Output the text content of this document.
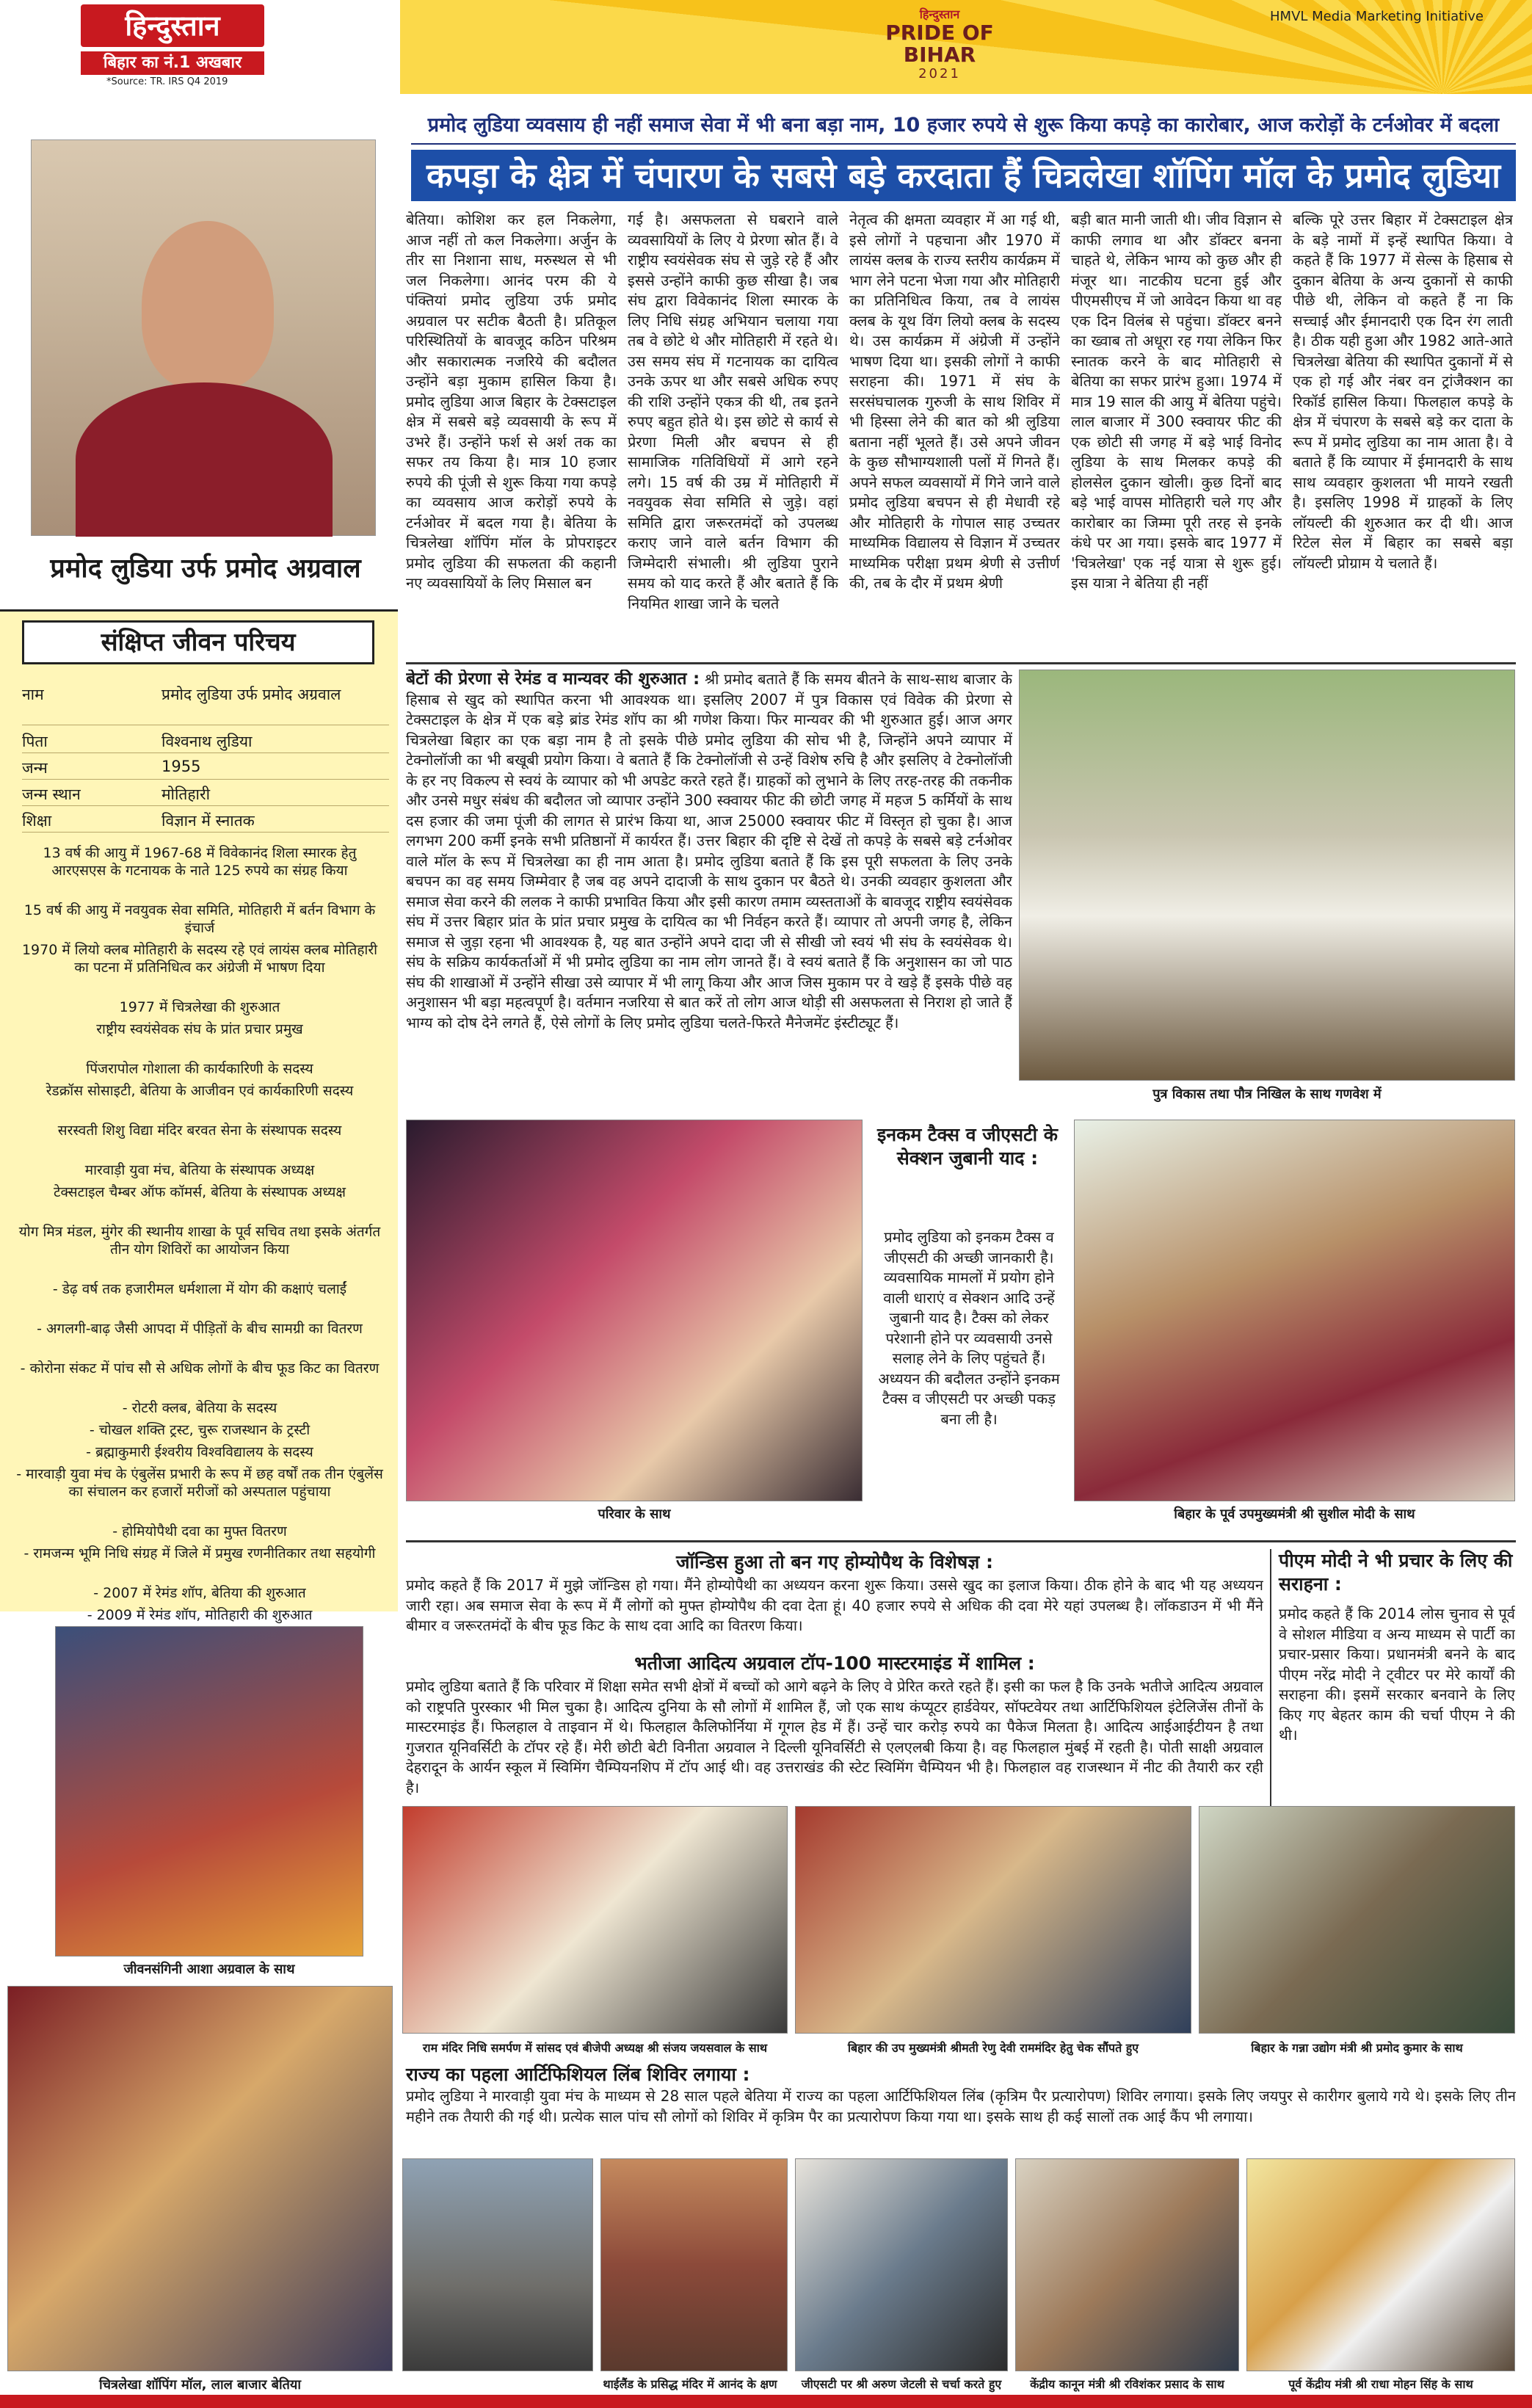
हिन्दुस्तान
बिहार का नं.1 अखबार
*Source: TR. IRS Q4 2019
हिन्दुस्तान
PRIDE OF BIHAR
2021
HMVL Media Marketing Initiative
प्रमोद लुडिया उर्फ प्रमोद अग्रवाल
संक्षिप्त जीवन परिचय
नाम	प्रमोद लुडिया उर्फ प्रमोद अग्रवाल
पिता	विश्वनाथ लुडिया
जन्म	1955
जन्म स्थान	मोतिहारी
शिक्षा	विज्ञान में स्नातक
13 वर्ष की आयु में 1967-68 में विवेकानंद शिला स्मारक हेतु आरएसएस के गटनायक के नाते 125 रुपये का संग्रह किया
15 वर्ष की आयु में नवयुवक सेवा समिति, मोतिहारी में बर्तन विभाग के इंचार्ज
1970 में लियो क्लब मोतिहारी के सदस्य रहे एवं लायंस क्लब मोतिहारी का पटना में प्रतिनिधित्व कर अंग्रेजी में भाषण दिया
1977 में चित्रलेखा की शुरुआत
राष्ट्रीय स्वयंसेवक संघ के प्रांत प्रचार प्रमुख
पिंजरापोल गोशाला की कार्यकारिणी के सदस्य
रेडक्रॉस सोसाइटी, बेतिया के आजीवन एवं कार्यकारिणी सदस्य
सरस्वती शिशु विद्या मंदिर बरवत सेना के संस्थापक सदस्य
मारवाड़ी युवा मंच, बेतिया के संस्थापक अध्यक्ष
टेक्सटाइल चैम्बर ऑफ कॉमर्स, बेतिया के संस्थापक अध्यक्ष
योग मित्र मंडल, मुंगेर की स्थानीय शाखा के पूर्व सचिव तथा इसके अंतर्गत तीन योग शिविरों का आयोजन किया
- डेढ़ वर्ष तक हजारीमल धर्मशाला में योग की कक्षाएं चलाईं
- अगलगी-बाढ़ जैसी आपदा में पीड़ितों के बीच सामग्री का वितरण
- कोरोना संकट में पांच सौ से अधिक लोगों के बीच फूड किट का वितरण
- रोटरी क्लब, बेतिया के सदस्य
- चोखल शक्ति ट्रस्ट, चुरू राजस्थान के ट्रस्टी
- ब्रह्माकुमारी ईश्वरीय विश्वविद्यालय के सदस्य
- मारवाड़ी युवा मंच के एंबुलेंस प्रभारी के रूप में छह वर्षों तक तीन एंबुलेंस का संचालन कर हजारों मरीजों को अस्पताल पहुंचाया
- होमियोपैथी दवा का मुफ्त वितरण
- रामजन्म भूमि निधि संग्रह में जिले में प्रमुख रणनीतिकार तथा सहयोगी
- 2007 में रेमंड शॉप, बेतिया की शुरुआत
- 2009 में रेमंड शॉप, मोतिहारी की शुरुआत
जीवनसंगिनी आशा अग्रवाल के साथ
चित्रलेखा शॉपिंग मॉल, लाल बाजार बेतिया
प्रमोद लुडिया व्यवसाय ही नहीं समाज सेवा में भी बना बड़ा नाम, 10 हजार रुपये से शुरू किया कपड़े का कारोबार, आज करोड़ों के टर्नओवर में बदला
कपड़ा के क्षेत्र में चंपारण के सबसे बड़े करदाता हैं चित्रलेखा शॉपिंग मॉल के प्रमोद लुडिया
बेतिया। कोशिश कर हल निकलेगा, आज नहीं तो कल निकलेगा। अर्जुन के तीर सा निशाना साध, मरुस्थल से भी जल निकलेगा। आनंद परम की ये पंक्तियां प्रमोद लुडिया उर्फ प्रमोद अग्रवाल पर सटीक बैठती है। प्रतिकूल परिस्थितियों के बावजूद कठिन परिश्रम और सकारात्मक नजरिये की बदौलत उन्होंने बड़ा मुकाम हासिल किया है। प्रमोद लुडिया आज बिहार के टेक्सटाइल क्षेत्र में सबसे बड़े व्यवसायी के रूप में उभरे हैं। उन्होंने फर्श से अर्श तक का सफर तय किया है। मात्र 10 हजार रुपये की पूंजी से शुरू किया गया कपड़े का व्यवसाय आज करोड़ों रुपये के टर्नओवर में बदल गया है। बेतिया के चित्रलेखा शॉपिंग मॉल के प्रोपराइटर प्रमोद लुडिया की सफलता की कहानी नए व्यवसायियों के लिए मिसाल बन
गई है। असफलता से घबराने वाले व्यवसायियों के लिए ये प्रेरणा स्रोत हैं। वे राष्ट्रीय स्वयंसेवक संघ से जुड़े रहे हैं और इससे उन्होंने काफी कुछ सीखा है। जब संघ द्वारा विवेकानंद शिला स्मारक के लिए निधि संग्रह अभियान चलाया गया तब वे छोटे थे और मोतिहारी में रहते थे। उस समय संघ में गटनायक का दायित्व उनके ऊपर था और सबसे अधिक रुपए की राशि उन्होंने एकत्र की थी, तब इतने रुपए बहुत होते थे। इस छोटे से कार्य से प्रेरणा मिली और बचपन से ही सामाजिक गतिविधियों में आगे रहने लगे। 15 वर्ष की उम्र में मोतिहारी में नवयुवक सेवा समिति से जुड़े। वहां समिति द्वारा जरूरतमंदों को उपलब्ध कराए जाने वाले बर्तन विभाग की जिम्मेदारी संभाली। श्री लुडिया पुराने समय को याद करते हैं और बताते हैं कि नियमित शाखा जाने के चलते
नेतृत्व की क्षमता व्यवहार में आ गई थी, इसे लोगों ने पहचाना और 1970 में लायंस क्लब के राज्य स्तरीय कार्यक्रम में भाग लेने पटना भेजा गया और मोतिहारी का प्रतिनिधित्व किया, तब वे लायंस क्लब के यूथ विंग लियो क्लब के सदस्य थे। उस कार्यक्रम में अंग्रेजी में उन्होंने भाषण दिया था। इसकी लोगों ने काफी सराहना की। 1971 में संघ के सरसंघचालक गुरुजी के साथ शिविर में भी हिस्सा लेने की बात को श्री लुडिया बताना नहीं भूलते हैं। उसे अपने जीवन के कुछ सौभाग्यशाली पलों में गिनते हैं। अपने सफल व्यवसायों में गिने जाने वाले प्रमोद लुडिया बचपन से ही मेधावी रहे और मोतिहारी के गोपाल साह उच्चतर माध्यमिक विद्यालय से विज्ञान में उच्चतर माध्यमिक परीक्षा प्रथम श्रेणी से उत्तीर्ण की, तब के दौर में प्रथम श्रेणी
बड़ी बात मानी जाती थी। जीव विज्ञान से काफी लगाव था और डॉक्टर बनना चाहते थे, लेकिन भाग्य को कुछ और ही मंजूर था। नाटकीय घटना हुई और पीएमसीएच में जो आवेदन किया था वह एक दिन विलंब से पहुंचा। डॉक्टर बनने का ख्वाब तो अधूरा रह गया लेकिन फिर स्नातक करने के बाद मोतिहारी से बेतिया का सफर प्रारंभ हुआ। 1974 में मात्र 19 साल की आयु में बेतिया पहुंचे। लाल बाजार में 300 स्क्वायर फीट की एक छोटी सी जगह में बड़े भाई विनोद लुडिया के साथ मिलकर कपड़े की होलसेल दुकान खोली। कुछ दिनों बाद बड़े भाई वापस मोतिहारी चले गए और कारोबार का जिम्मा पूरी तरह से इनके कंधे पर आ गया। इसके बाद 1977 में 'चित्रलेखा' एक नई यात्रा से शुरू हुई। इस यात्रा ने बेतिया ही नहीं
बल्कि पूरे उत्तर बिहार में टेक्सटाइल क्षेत्र के बड़े नामों में इन्हें स्थापित किया। वे कहते हैं कि 1977 में सेल्स के हिसाब से दुकान बेतिया के अन्य दुकानों से काफी पीछे थी, लेकिन वो कहते हैं ना कि सच्चाई और ईमानदारी एक दिन रंग लाती है। ठीक यही हुआ और 1982 आते-आते चित्रलेखा बेतिया की स्थापित दुकानों में से एक हो गई और नंबर वन ट्रांजैक्शन का रिकॉर्ड हासिल किया। फिलहाल कपड़े के क्षेत्र में चंपारण के सबसे बड़े कर दाता के रूप में प्रमोद लुडिया का नाम आता है। वे बताते हैं कि व्यापार में ईमानदारी के साथ साथ व्यवहार कुशलता भी मायने रखती है। इसलिए 1998 में ग्राहकों के लिए लॉयल्टी की शुरुआत कर दी थी। आज रिटेल सेल में बिहार का सबसे बड़ा लॉयल्टी प्रोग्राम ये चलाते हैं।
बेटों की प्रेरणा से रेमंड व मान्यवर की शुरुआत : श्री प्रमोद बताते हैं कि समय बीतने के साथ-साथ बाजार के हिसाब से खुद को स्थापित करना भी आवश्यक था। इसलिए 2007 में पुत्र विकास एवं विवेक की प्रेरणा से टेक्सटाइल के क्षेत्र में एक बड़े ब्रांड रेमंड शॉप का श्री गणेश किया। फिर मान्यवर की भी शुरुआत हुई। आज अगर चित्रलेखा बिहार का एक बड़ा नाम है तो इसके पीछे प्रमोद लुडिया की सोच भी है, जिन्होंने अपने व्यापार में टेक्नोलॉजी का भी बखूबी प्रयोग किया। वे बताते हैं कि टेक्नोलॉजी से उन्हें विशेष रुचि है और इसलिए वे टेक्नोलॉजी के हर नए विकल्प से स्वयं के व्यापार को भी अपडेट करते रहते हैं। ग्राहकों को लुभाने के लिए तरह-तरह की तकनीक और उनसे मधुर संबंध की बदौलत जो व्यापार उन्होंने 300 स्क्वायर फीट की छोटी जगह में महज 5 कर्मियों के साथ दस हजार की जमा पूंजी की लागत से प्रारंभ किया था, आज 25000 स्क्वायर फीट में विस्तृत हो चुका है। आज लगभग 200 कर्मी इनके सभी प्रतिष्ठानों में कार्यरत हैं। उत्तर बिहार की दृष्टि से देखें तो कपड़े के सबसे बड़े टर्नओवर वाले मॉल के रूप में चित्रलेखा का ही नाम आता है। प्रमोद लुडिया बताते हैं कि इस पूरी सफलता के लिए उनके बचपन का वह समय जिम्मेवार है जब वह अपने दादाजी के साथ दुकान पर बैठते थे। उनकी व्यवहार कुशलता और समाज सेवा करने की ललक ने काफी प्रभावित किया और इसी कारण तमाम व्यस्तताओं के बावजूद राष्ट्रीय स्वयंसेवक संघ में उत्तर बिहार प्रांत के प्रांत प्रचार प्रमुख के दायित्व का भी निर्वहन करते हैं। व्यापार तो अपनी जगह है, लेकिन समाज से जुड़ा रहना भी आवश्यक है, यह बात उन्होंने अपने दादा जी से सीखी जो स्वयं भी संघ के स्वयंसेवक थे। संघ के सक्रिय कार्यकर्ताओं में भी प्रमोद लुडिया का नाम लोग जानते हैं। वे स्वयं बताते हैं कि अनुशासन का जो पाठ संघ की शाखाओं में उन्होंने सीखा उसे व्यापार में भी लागू किया और आज जिस मुकाम पर वे खड़े हैं इसके पीछे वह अनुशासन भी बड़ा महत्वपूर्ण है। वर्तमान नजरिया से बात करें तो लोग आज थोड़ी सी असफलता से निराश हो जाते हैं भाग्य को दोष देने लगते हैं, ऐसे लोगों के लिए प्रमोद लुडिया चलते-फिरते मैनेजमेंट इंस्टीट्यूट हैं।
पुत्र विकास तथा पौत्र निखिल के साथ गणवेश में
परिवार के साथ
इनकम टैक्स व जीएसटी के सेक्शन जुबानी याद :
प्रमोद लुडिया को इनकम टैक्स व जीएसटी की अच्छी जानकारी है। व्यवसायिक मामलों में प्रयोग होने वाली धाराएं व सेक्शन आदि उन्हें जुबानी याद है। टैक्स को लेकर परेशानी होने पर व्यवसायी उनसे सलाह लेने के लिए पहुंचते हैं। अध्ययन की बदौलत उन्होंने इनकम टैक्स व जीएसटी पर अच्छी पकड़ बना ली है।
बिहार के पूर्व उपमुख्यमंत्री श्री सुशील मोदी के साथ
जॉन्डिस हुआ तो बन गए होम्योपैथ के विशेषज्ञ :
प्रमोद कहते हैं कि 2017 में मुझे जॉन्डिस हो गया। मैंने होम्योपैथी का अध्ययन करना शुरू किया। उससे खुद का इलाज किया। ठीक होने के बाद भी यह अध्ययन जारी रहा। अब समाज सेवा के रूप में मैं लोगों को मुफ्त होम्योपैथ की दवा देता हूं। 40 हजार रुपये से अधिक की दवा मेरे यहां उपलब्ध है। लॉकडाउन में भी मैंने बीमार व जरूरतमंदों के बीच फूड किट के साथ दवा आदि का वितरण किया।
भतीजा आदित्य अग्रवाल टॉप-100 मास्टरमाइंड में शामिल :
प्रमोद लुडिया बताते हैं कि परिवार में शिक्षा समेत सभी क्षेत्रों में बच्चों को आगे बढ़ने के लिए वे प्रेरित करते रहते हैं। इसी का फल है कि उनके भतीजे आदित्य अग्रवाल को राष्ट्रपति पुरस्कार भी मिल चुका है। आदित्य दुनिया के सौ लोगों में शामिल हैं, जो एक साथ कंप्यूटर हार्डवेयर, सॉफ्टवेयर तथा आर्टिफिशियल इंटेलिजेंस तीनों के मास्टरमाइंड हैं। फिलहाल वे ताइवान में थे। फिलहाल कैलिफोर्निया में गूगल हेड में हैं। उन्हें चार करोड़ रुपये का पैकेज मिलता है। आदित्य आईआईटीयन है तथा गुजरात यूनिवर्सिटी के टॉपर रहे हैं। मेरी छोटी बेटी विनीता अग्रवाल ने दिल्ली यूनिवर्सिटी से एलएलबी किया है। वह फिलहाल मुंबई में रहती है। पोती साक्षी अग्रवाल देहरादून के आर्यन स्कूल में स्विमिंग चैम्पियनशिप में टॉप आई थी। वह उत्तराखंड की स्टेट स्विमिंग चैम्पियन भी है। फिलहाल वह राजस्थान में नीट की तैयारी कर रही है।
पीएम मोदी ने भी प्रचार के लिए की सराहना :
प्रमोद कहते हैं कि 2014 लोस चुनाव से पूर्व वे सोशल मीडिया व अन्य माध्यम से पार्टी का प्रचार-प्रसार किया। प्रधानमंत्री बनने के बाद पीएम नरेंद्र मोदी ने ट्वीटर पर मेरे कार्यों की सराहना की। इसमें सरकार बनवाने के लिए किए गए बेहतर काम की चर्चा पीएम ने की थी।
राम मंदिर निधि समर्पण में सांसद एवं बीजेपी अध्यक्ष श्री संजय जयसवाल के साथ	बिहार की उप मुख्यमंत्री श्रीमती रेणु देवी राममंदिर हेतु चेक सौंपते हुए	बिहार के गन्ना उद्योग मंत्री श्री प्रमोद कुमार के साथ
राज्य का पहला आर्टिफिशियल लिंब शिविर लगाया :
प्रमोद लुडिया ने मारवाड़ी युवा मंच के माध्यम से 28 साल पहले बेतिया में राज्य का पहला आर्टिफिशियल लिंब (कृत्रिम पैर प्रत्यारोपण) शिविर लगाया। इसके लिए जयपुर से कारीगर बुलाये गये थे। इसके लिए तीन महीने तक तैयारी की गई थी। प्रत्येक साल पांच सौ लोगों को शिविर में कृत्रिम पैर का प्रत्यारोपण किया गया था। इसके साथ ही कई सालों तक आई कैंप भी लगाया।
थाईलैंड के प्रसिद्ध मंदिर में आनंद के क्षण	जीएसटी पर श्री अरुण जेटली से चर्चा करते हुए	केंद्रीय कानून मंत्री श्री रविशंकर प्रसाद के साथ	पूर्व केंद्रीय मंत्री श्री राधा मोहन सिंह के साथ
